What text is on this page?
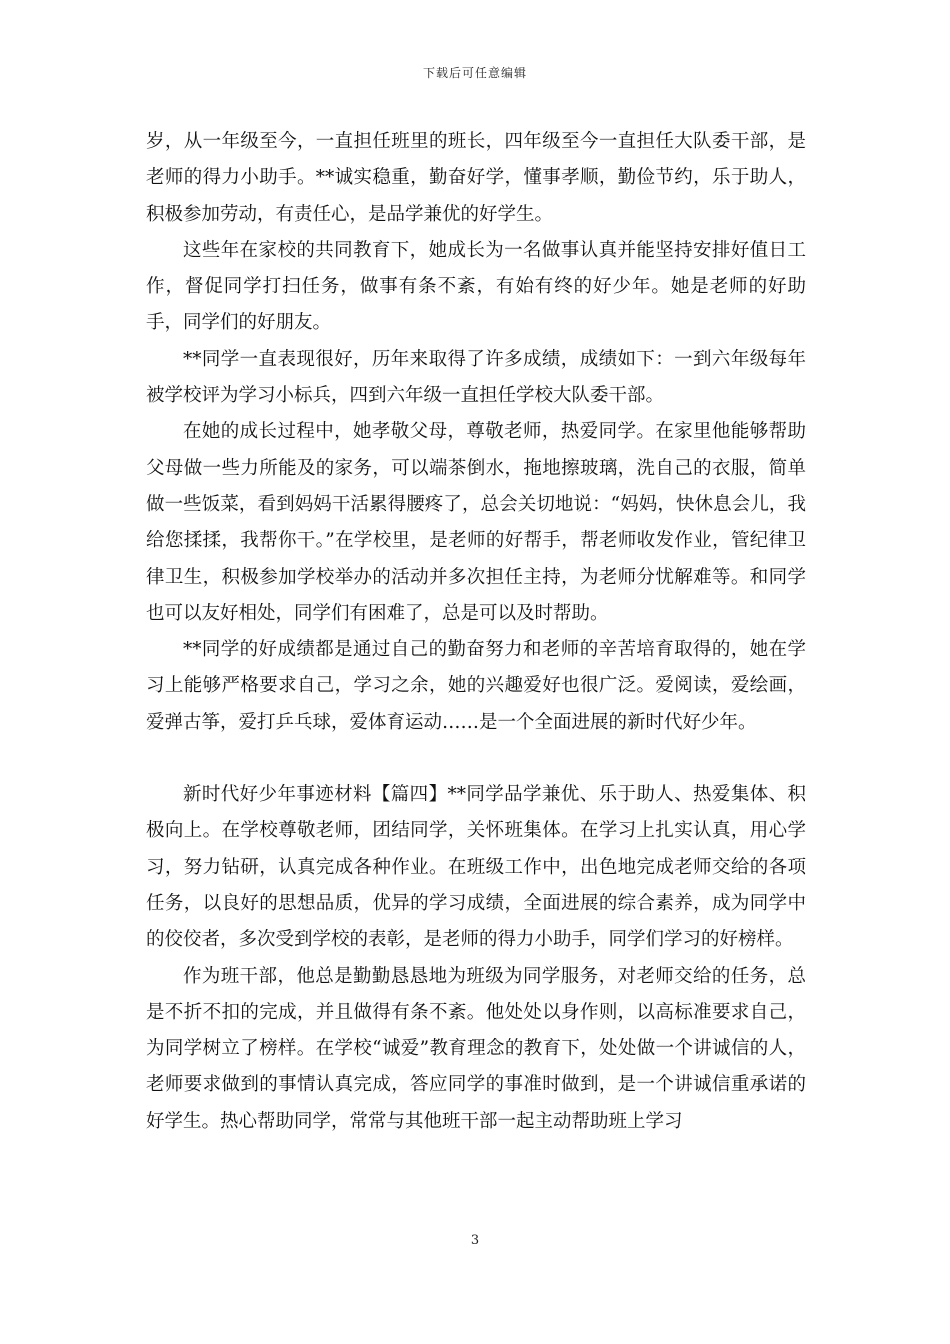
下载后可任意编辑

岁，从一年级至今，一直担任班里的班长，四年级至今一直担任大队委干部，是老师的得力小助手。**诚实稳重，勤奋好学，懂事孝顺，勤俭节约，乐于助人，积极参加劳动，有责任心，是品学兼优的好学生。

这些年在家校的共同教育下，她成长为一名做事认真并能坚持安排好值日工作，督促同学打扫任务，做事有条不紊，有始有终的好少年。她是老师的好助手，同学们的好朋友。

**同学一直表现很好，历年来取得了许多成绩，成绩如下：一到六年级每年被学校评为学习小标兵，四到六年级一直担任学校大队委干部。

在她的成长过程中，她孝敬父母，尊敬老师，热爱同学。在家里他能够帮助父母做一些力所能及的家务，可以端茶倒水，拖地擦玻璃，洗自己的衣服，简单做一些饭菜，看到妈妈干活累得腰疼了，总会关切地说：“妈妈，快休息会儿，我给您揉揉，我帮你干。”在学校里，是老师的好帮手，帮老师收发作业，管纪律卫律卫生，积极参加学校举办的活动并多次担任主持，为老师分忧解难等。和同学也可以友好相处，同学们有困难了，总是可以及时帮助。

**同学的好成绩都是通过自己的勤奋努力和老师的辛苦培育取得的，她在学习上能够严格要求自己，学习之余，她的兴趣爱好也很广泛。爱阅读，爱绘画，爱弹古筝，爱打乒乓球，爱体育运动……是一个全面进展的新时代好少年。

新时代好少年事迹材料【篇四】**同学品学兼优、乐于助人、热爱集体、积极向上。在学校尊敬老师，团结同学，关怀班集体。在学习上扎实认真，用心学习，努力钻研，认真完成各种作业。在班级工作中，出色地完成老师交给的各项任务，以良好的思想品质，优异的学习成绩，全面进展的综合素养，成为同学中的佼佼者，多次受到学校的表彰，是老师的得力小助手，同学们学习的好榜样。

作为班干部，他总是勤勤恳恳地为班级为同学服务，对老师交给的任务，总是不折不扣的完成，并且做得有条不紊。他处处以身作则，以高标准要求自己，为同学树立了榜样。在学校“诚爱”教育理念的教育下，处处做一个讲诚信的人，老师要求做到的事情认真完成，答应同学的事准时做到，是一个讲诚信重承诺的好学生。热心帮助同学，常常与其他班干部一起主动帮助班上学习

3
